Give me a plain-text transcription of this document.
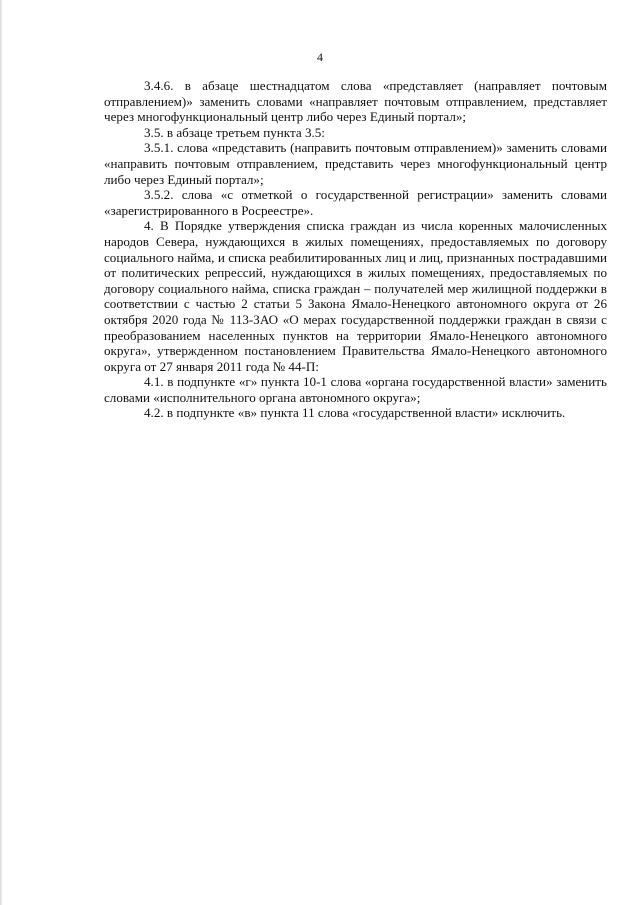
4

3.4.6. в абзаце шестнадцатом слова «представляет (направляет почтовым отправлением)» заменить словами «направляет почтовым отправлением, представляет через многофункциональный центр либо через Единый портал»;

3.5. в абзаце третьем пункта 3.5:

3.5.1. слова «представить (направить почтовым отправлением)» заменить словами «направить почтовым отправлением, представить через многофункциональный центр либо через Единый портал»;

3.5.2. слова «с отметкой о государственной регистрации» заменить словами «зарегистрированного в Росреестре».

4. В Порядке утверждения списка граждан из числа коренных малочисленных народов Севера, нуждающихся в жилых помещениях, предоставляемых по договору социального найма, и списка реабилитированных лиц и лиц, признанных пострадавшими от политических репрессий, нуждающихся в жилых помещениях, предоставляемых по договору социального найма, списка граждан – получателей мер жилищной поддержки в соответствии с частью 2 статьи 5 Закона Ямало-Ненецкого автономного округа от 26 октября 2020 года № 113-ЗАО «О мерах государственной поддержки граждан в связи с преобразованием населенных пунктов на территории Ямало-Ненецкого автономного округа», утвержденном постановлением Правительства Ямало-Ненецкого автономного округа от 27 января 2011 года № 44-П:

4.1. в подпункте «г» пункта 10-1 слова «органа государственной власти» заменить словами «исполнительного органа автономного округа»;

4.2. в подпункте «в» пункта 11 слова «государственной власти» исключить.
